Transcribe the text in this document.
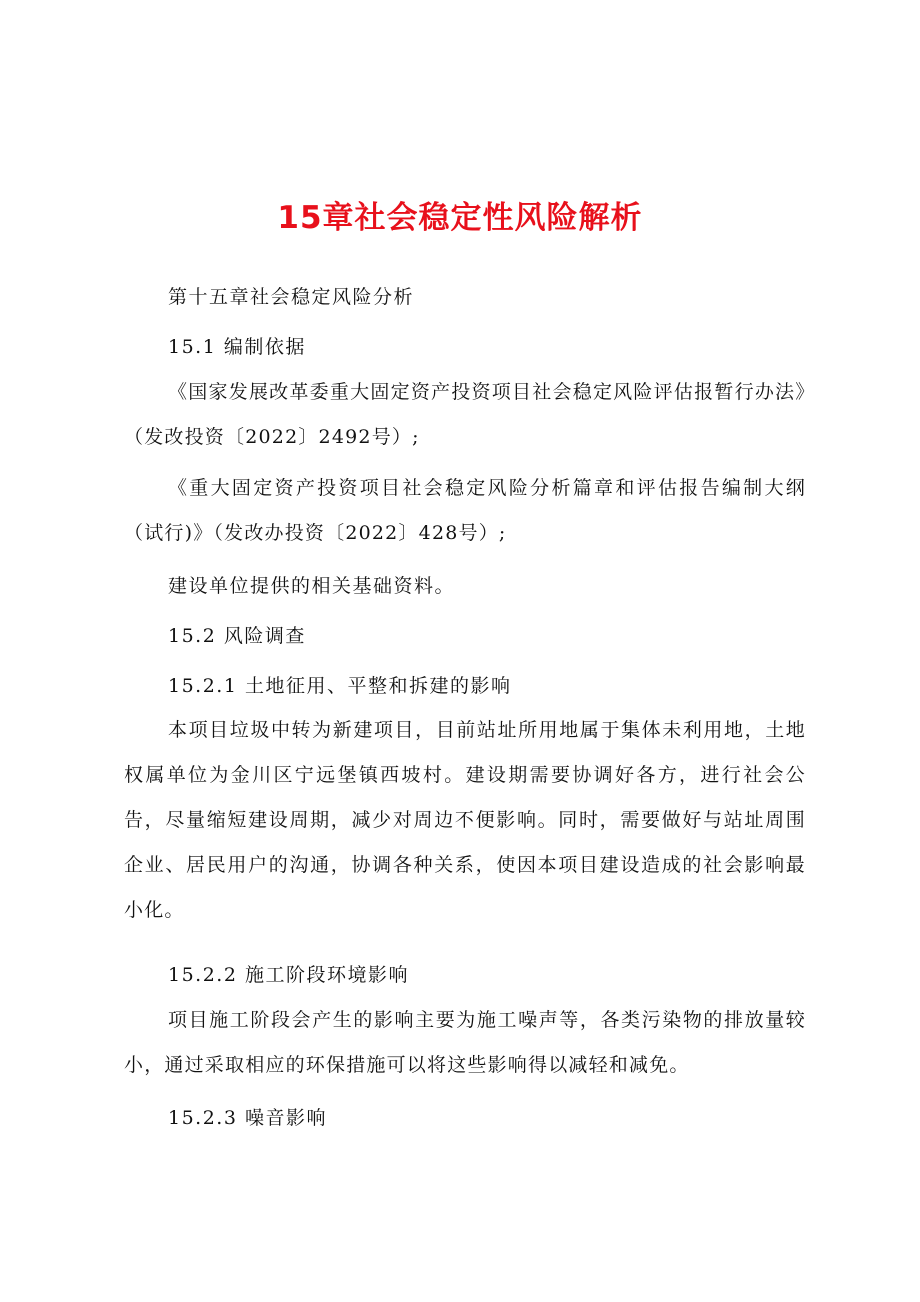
15章社会稳定性风险解析
第十五章社会稳定风险分析
15.1 编制依据

《国家发展改革委重大固定资产投资项目社会稳定风险评估报暂行办法》（发改投资〔2022〕2492号）;

《重大固定资产投资项目社会稳定风险分析篇章和评估报告编制大纲（试行)》（发改办投资〔2022〕428号）;

建设单位提供的相关基础资料。
15.2 风险调查
15.2.1 土地征用、平整和拆建的影响

本项目垃圾中转为新建项目，目前站址所用地属于集体未利用地，土地权属单位为金川区宁远堡镇西坡村。建设期需要协调好各方，进行社会公告，尽量缩短建设周期，减少对周边不便影响。同时，需要做好与站址周围企业、居民用户的沟通，协调各种关系，使因本项目建设造成的社会影响最小化。

15.2.2 施工阶段环境影响

项目施工阶段会产生的影响主要为施工噪声等，各类污染物的排放量较小，通过采取相应的环保措施可以将这些影响得以减轻和减免。

15.2.3 噪音影响
